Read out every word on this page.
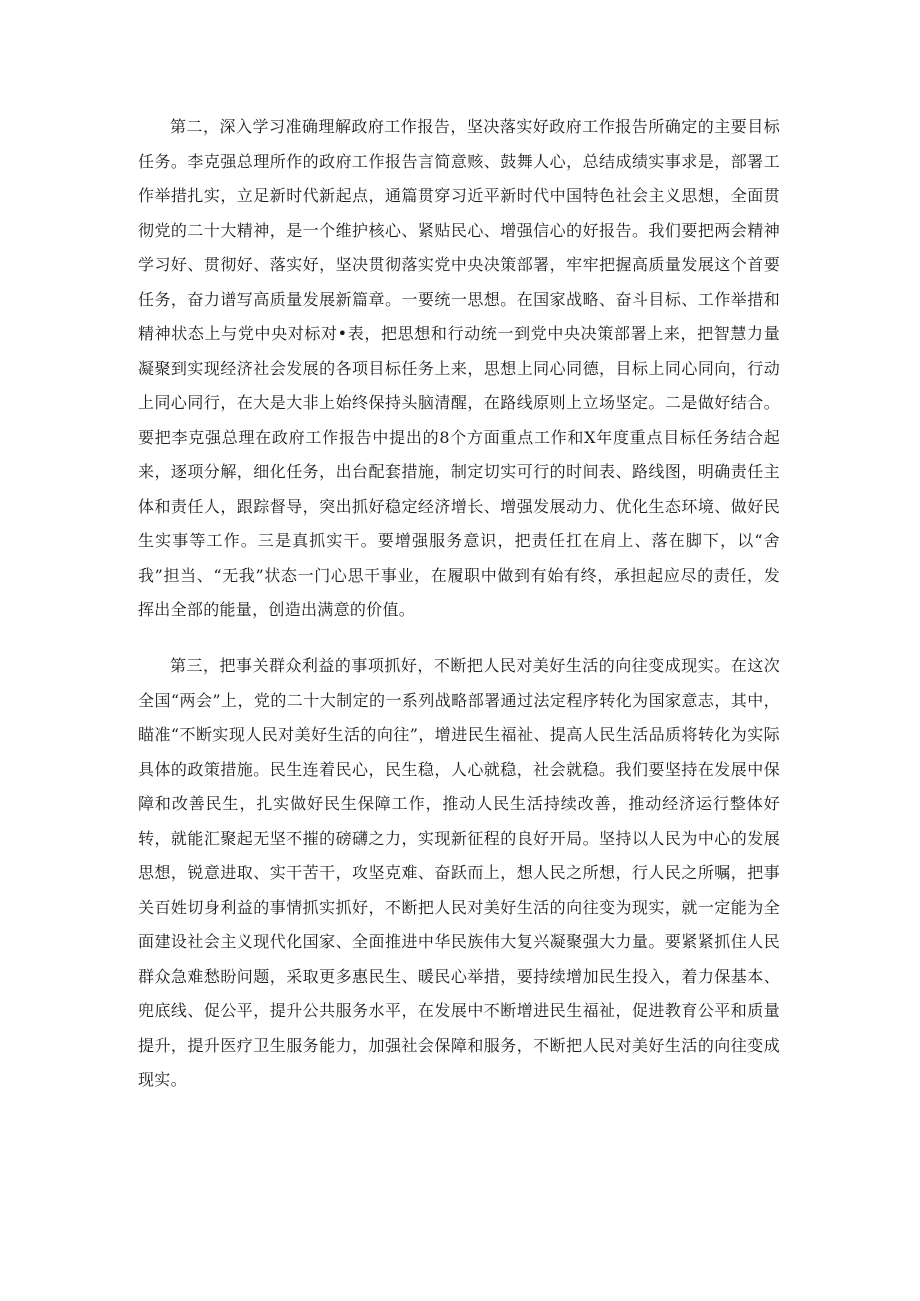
第二，深入学习准确理解政府工作报告，坚决落实好政府工作报告所确定的主要目标任务。李克强总理所作的政府工作报告言简意赅、鼓舞人心，总结成绩实事求是，部署工作举措扎实，立足新时代新起点，通篇贯穿习近平新时代中国特色社会主义思想，全面贯彻党的二十大精神，是一个维护核心、紧贴民心、增强信心的好报告。我们要把两会精神学习好、贯彻好、落实好，坚决贯彻落实党中央决策部署，牢牢把握高质量发展这个首要任务，奋力谱写高质量发展新篇章。一要统一思想。在国家战略、奋斗目标、工作举措和精神状态上与党中央对标对•表，把思想和行动统一到党中央决策部署上来，把智慧力量凝聚到实现经济社会发展的各项目标任务上来，思想上同心同德，目标上同心同向，行动上同心同行，在大是大非上始终保持头脑清醒，在路线原则上立场坚定。二是做好结合。要把李克强总理在政府工作报告中提出的8个方面重点工作和X年度重点目标任务结合起来，逐项分解，细化任务，出台配套措施，制定切实可行的时间表、路线图，明确责任主体和责任人，跟踪督导，突出抓好稳定经济增长、增强发展动力、优化生态环境、做好民生实事等工作。三是真抓实干。要增强服务意识，把责任扛在肩上、落在脚下，以“舍我”担当、“无我”状态一门心思干事业，在履职中做到有始有终，承担起应尽的责任，发挥出全部的能量，创造出满意的价值。

第三，把事关群众利益的事项抓好，不断把人民对美好生活的向往变成现实。在这次全国“两会”上，党的二十大制定的一系列战略部署通过法定程序转化为国家意志，其中，瞄准“不断实现人民对美好生活的向往”，增进民生福祉、提高人民生活品质将转化为实际具体的政策措施。民生连着民心，民生稳，人心就稳，社会就稳。我们要坚持在发展中保障和改善民生，扎实做好民生保障工作，推动人民生活持续改善，推动经济运行整体好转，就能汇聚起无坚不摧的磅礴之力，实现新征程的良好开局。坚持以人民为中心的发展思想，锐意进取、实干苦干，攻坚克难、奋跃而上，想人民之所想，行人民之所嘱，把事关百姓切身利益的事情抓实抓好，不断把人民对美好生活的向往变为现实，就一定能为全面建设社会主义现代化国家、全面推进中华民族伟大复兴凝聚强大力量。要紧紧抓住人民群众急难愁盼问题，采取更多惠民生、暖民心举措，要持续增加民生投入，着力保基本、兜底线、促公平，提升公共服务水平，在发展中不断增进民生福祉，促进教育公平和质量提升，提升医疗卫生服务能力，加强社会保障和服务，不断把人民对美好生活的向往变成现实。
